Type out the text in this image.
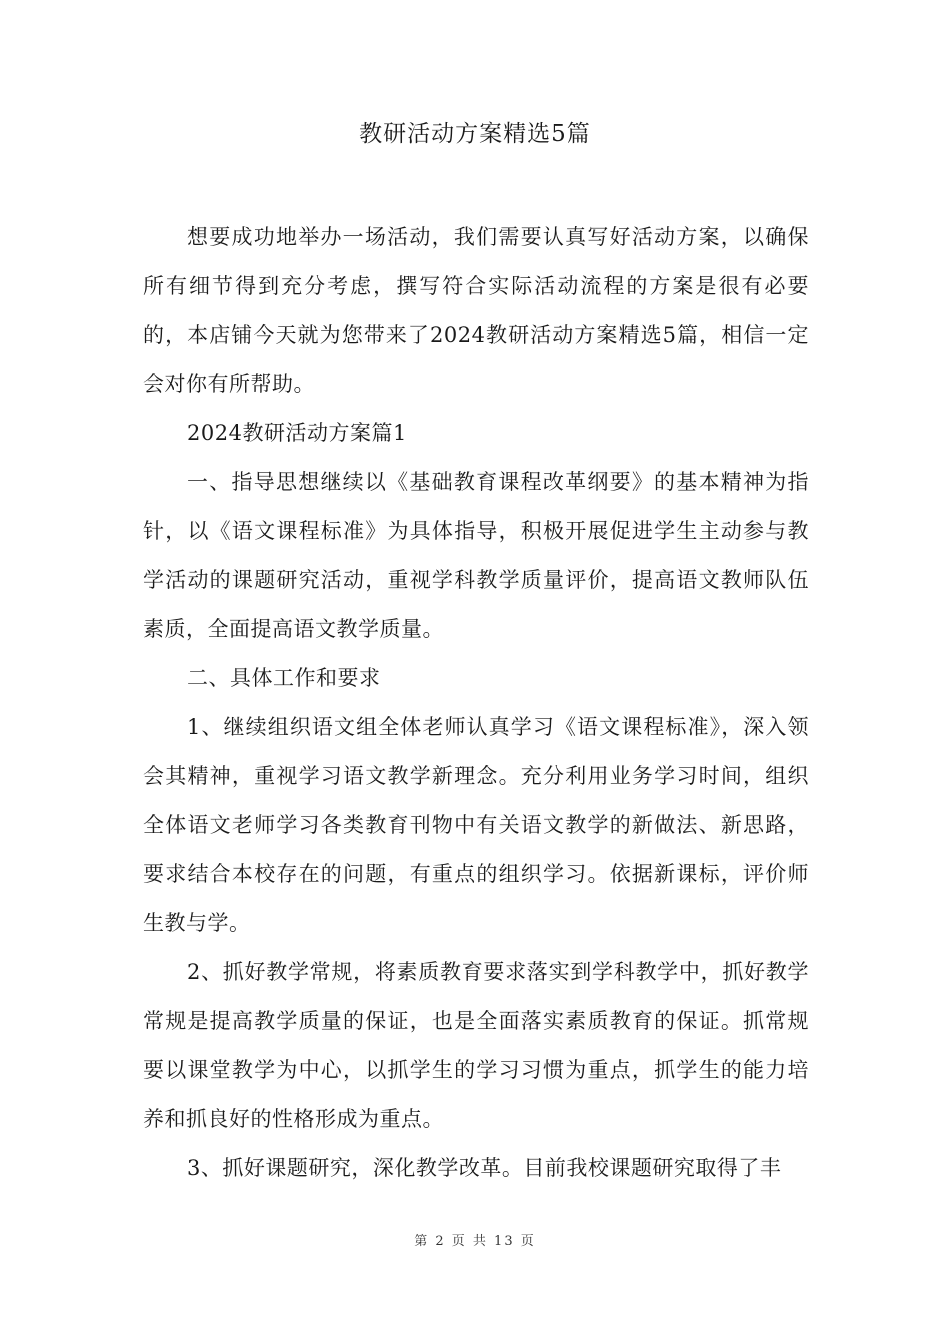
教研活动方案精选5篇

想要成功地举办一场活动，我们需要认真写好活动方案，以确保所有细节得到充分考虑，撰写符合实际活动流程的方案是很有必要的，本店铺今天就为您带来了2024教研活动方案精选5篇，相信一定会对你有所帮助。

2024教研活动方案篇1

一、指导思想继续以《基础教育课程改革纲要》的基本精神为指针，以《语文课程标准》为具体指导，积极开展促进学生主动参与教学活动的课题研究活动，重视学科教学质量评价，提高语文教师队伍素质，全面提高语文教学质量。

二、具体工作和要求

1、继续组织语文组全体老师认真学习《语文课程标准》，深入领会其精神，重视学习语文教学新理念。充分利用业务学习时间，组织全体语文老师学习各类教育刊物中有关语文教学的新做法、新思路，要求结合本校存在的问题，有重点的组织学习。依据新课标，评价师生教与学。

2、抓好教学常规，将素质教育要求落实到学科教学中，抓好教学常规是提高教学质量的保证，也是全面落实素质教育的保证。抓常规要以课堂教学为中心，以抓学生的学习习惯为重点，抓学生的能力培养和抓良好的性格形成为重点。

3、抓好课题研究，深化教学改革。目前我校课题研究取得了丰

第 2 页 共 13 页
